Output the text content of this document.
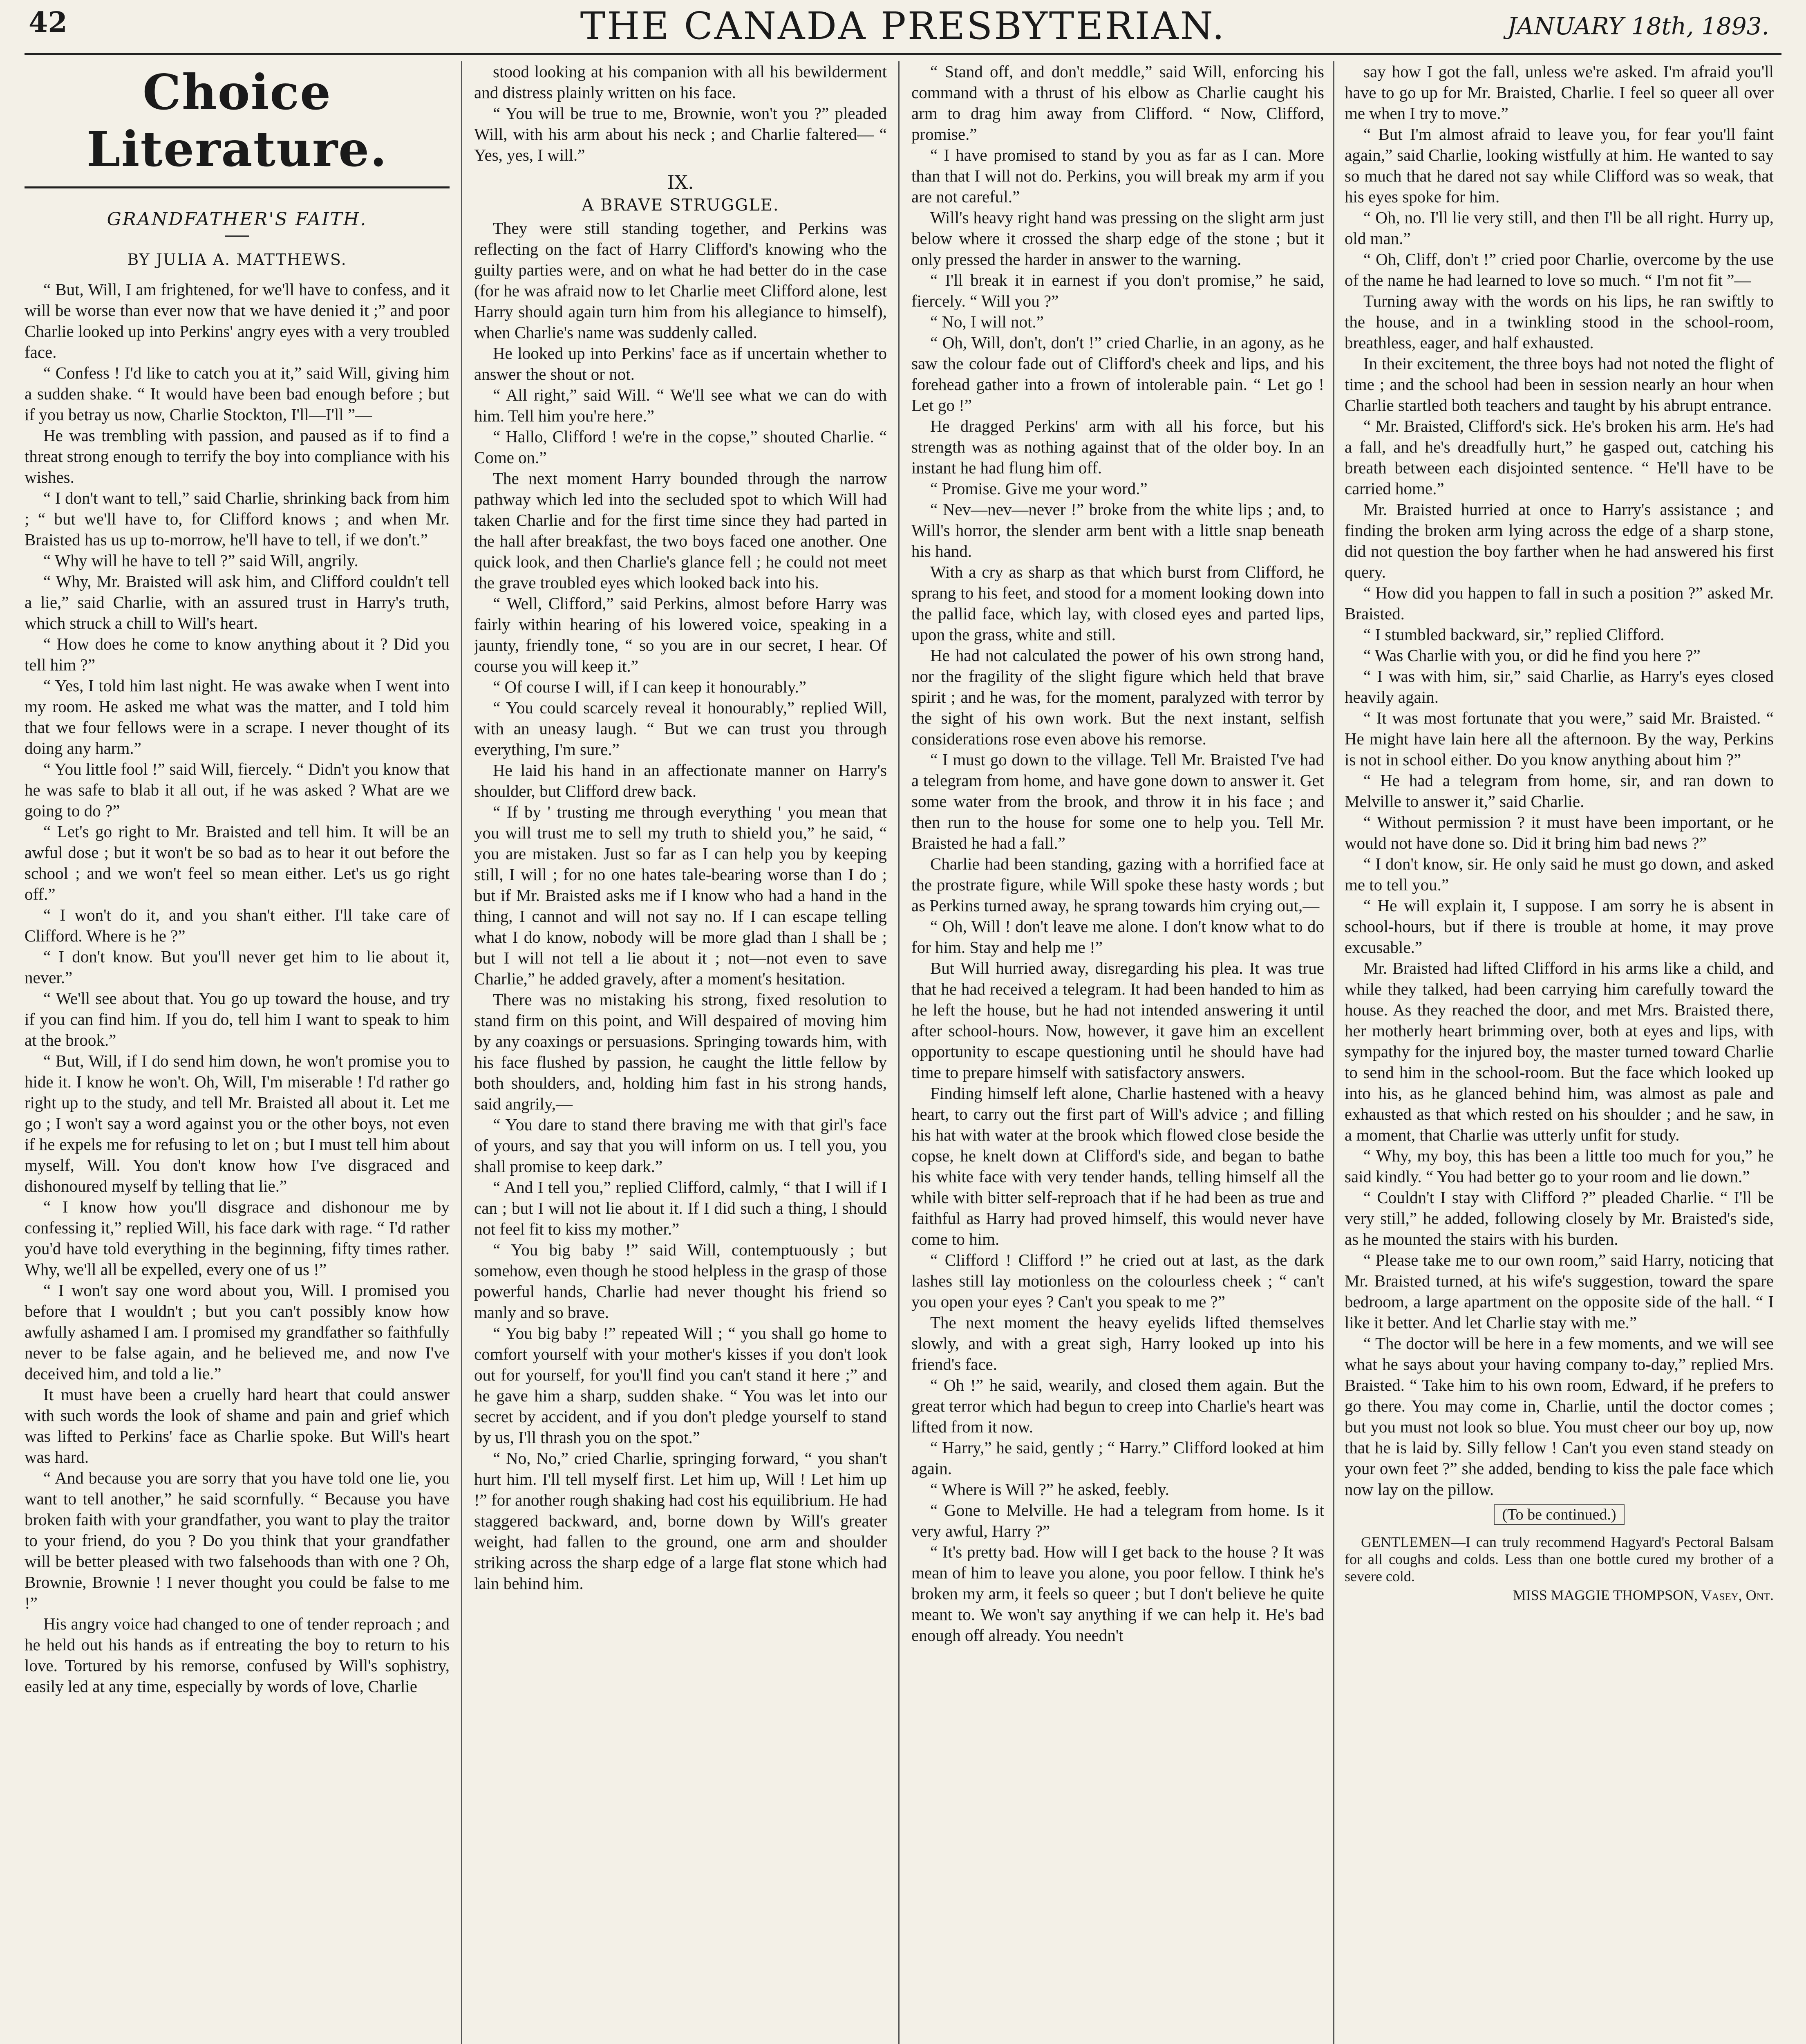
42	THE CANADA PRESBYTERIAN.	JANUARY 18th, 1893.
Choice Literature.
GRANDFATHER'S FAITH.
BY JULIA A. MATTHEWS.

“ But, Will, I am frightened, for we'll have to confess, and it will be worse than ever now that we have denied it ;” and poor Charlie looked up into Perkins' angry eyes with a very troubled face.

“ Confess ! I'd like to catch you at it,” said Will, giving him a sudden shake. “ It would have been bad enough before ; but if you betray us now, Charlie Stockton, I'll—I'll ”—

He was trembling with passion, and paused as if to find a threat strong enough to terrify the boy into compliance with his wishes.

“ I don't want to tell,” said Charlie, shrinking back from him ; “ but we'll have to, for Clifford knows ; and when Mr. Braisted has us up to-morrow, he'll have to tell, if we don't.”

“ Why will he have to tell ?” said Will, angrily.

“ Why, Mr. Braisted will ask him, and Clifford couldn't tell a lie,” said Charlie, with an assured trust in Harry's truth, which struck a chill to Will's heart.

“ How does he come to know anything about it ? Did you tell him ?”

“ Yes, I told him last night. He was awake when I went into my room. He asked me what was the matter, and I told him that we four fellows were in a scrape. I never thought of its doing any harm.”

“ You little fool !” said Will, fiercely. “ Didn't you know that he was safe to blab it all out, if he was asked ? What are we going to do ?”

“ Let's go right to Mr. Braisted and tell him. It will be an awful dose ; but it won't be so bad as to hear it out before the school ; and we won't feel so mean either. Let's us go right off.”

“ I won't do it, and you shan't either. I'll take care of Clifford. Where is he ?”

“ I don't know. But you'll never get him to lie about it, never.”

“ We'll see about that. You go up toward the house, and try if you can find him. If you do, tell him I want to speak to him at the brook.”

“ But, Will, if I do send him down, he won't promise you to hide it. I know he won't. Oh, Will, I'm miserable ! I'd rather go right up to the study, and tell Mr. Braisted all about it. Let me go ; I won't say a word against you or the other boys, not even if he expels me for refusing to let on ; but I must tell him about myself, Will. You don't know how I've disgraced and dishonoured myself by telling that lie.”

“ I know how you'll disgrace and dishonour me by confessing it,” replied Will, his face dark with rage. “ I'd rather you'd have told everything in the beginning, fifty times rather. Why, we'll all be expelled, every one of us !”

“ I won't say one word about you, Will. I promised you before that I wouldn't ; but you can't possibly know how awfully ashamed I am. I promised my grandfather so faithfully never to be false again, and he believed me, and now I've deceived him, and told a lie.”

It must have been a cruelly hard heart that could answer with such words the look of shame and pain and grief which was lifted to Perkins' face as Charlie spoke. But Will's heart was hard.

“ And because you are sorry that you have told one lie, you want to tell another,” he said scornfully. “ Because you have broken faith with your grandfather, you want to play the traitor to your friend, do you ? Do you think that your grandfather will be better pleased with two falsehoods than with one ? Oh, Brownie, Brownie ! I never thought you could be false to me !”

His angry voice had changed to one of tender reproach ; and he held out his hands as if entreating the boy to return to his love. Tortured by his remorse, confused by Will's sophistry, easily led at any time, especially by words of love, Charlie

stood looking at his companion with all his bewilderment and distress plainly written on his face.

“ You will be true to me, Brownie, won't you ?” pleaded Will, with his arm about his neck ; and Charlie faltered— “ Yes, yes, I will.”

IX.
A BRAVE STRUGGLE.

They were still standing together, and Perkins was reflecting on the fact of Harry Clifford's knowing who the guilty parties were, and on what he had better do in the case (for he was afraid now to let Charlie meet Clifford alone, lest Harry should again turn him from his allegiance to himself), when Charlie's name was suddenly called.

He looked up into Perkins' face as if uncertain whether to answer the shout or not.

“ All right,” said Will. “ We'll see what we can do with him. Tell him you're here.”

“ Hallo, Clifford ! we're in the copse,” shouted Charlie. “ Come on.”

The next moment Harry bounded through the narrow pathway which led into the secluded spot to which Will had taken Charlie and for the first time since they had parted in the hall after breakfast, the two boys faced one another. One quick look, and then Charlie's glance fell ; he could not meet the grave troubled eyes which looked back into his.

“ Well, Clifford,” said Perkins, almost before Harry was fairly within hearing of his lowered voice, speaking in a jaunty, friendly tone, “ so you are in our secret, I hear. Of course you will keep it.”

“ Of course I will, if I can keep it honourably.”

“ You could scarcely reveal it honourably,” replied Will, with an uneasy laugh. “ But we can trust you through everything, I'm sure.”

He laid his hand in an affectionate manner on Harry's shoulder, but Clifford drew back.

“ If by ' trusting me through everything ' you mean that you will trust me to sell my truth to shield you,” he said, “ you are mistaken. Just so far as I can help you by keeping still, I will ; for no one hates tale-bearing worse than I do ; but if Mr. Braisted asks me if I know who had a hand in the thing, I cannot and will not say no. If I can escape telling what I do know, nobody will be more glad than I shall be ; but I will not tell a lie about it ; not—not even to save Charlie,” he added gravely, after a moment's hesitation.

There was no mistaking his strong, fixed resolution to stand firm on this point, and Will despaired of moving him by any coaxings or persuasions. Springing towards him, with his face flushed by passion, he caught the little fellow by both shoulders, and, holding him fast in his strong hands, said angrily,—

“ You dare to stand there braving me with that girl's face of yours, and say that you will inform on us. I tell you, you shall promise to keep dark.”

“ And I tell you,” replied Clifford, calmly, “ that I will if I can ; but I will not lie about it. If I did such a thing, I should not feel fit to kiss my mother.”

“ You big baby !” said Will, contemptuously ; but somehow, even though he stood helpless in the grasp of those powerful hands, Charlie had never thought his friend so manly and so brave.

“ You big baby !” repeated Will ; “ you shall go home to comfort yourself with your mother's kisses if you don't look out for yourself, for you'll find you can't stand it here ;” and he gave him a sharp, sudden shake. “ You was let into our secret by accident, and if you don't pledge yourself to stand by us, I'll thrash you on the spot.”

“ No, No,” cried Charlie, springing forward, “ you shan't hurt him. I'll tell myself first. Let him up, Will ! Let him up !” for another rough shaking had cost his equilibrium. He had staggered backward, and, borne down by Will's greater weight, had fallen to the ground, one arm and shoulder striking across the sharp edge of a large flat stone which had lain behind him.

“ Stand off, and don't meddle,” said Will, enforcing his command with a thrust of his elbow as Charlie caught his arm to drag him away from Clifford. “ Now, Clifford, promise.”

“ I have promised to stand by you as far as I can. More than that I will not do. Perkins, you will break my arm if you are not careful.”

Will's heavy right hand was pressing on the slight arm just below where it crossed the sharp edge of the stone ; but it only pressed the harder in answer to the warning.

“ I'll break it in earnest if you don't promise,” he said, fiercely. “ Will you ?”

“ No, I will not.”

“ Oh, Will, don't, don't !” cried Charlie, in an agony, as he saw the colour fade out of Clifford's cheek and lips, and his forehead gather into a frown of intolerable pain. “ Let go ! Let go !”

He dragged Perkins' arm with all his force, but his strength was as nothing against that of the older boy. In an instant he had flung him off.

“ Promise. Give me your word.”

“ Nev—nev—never !” broke from the white lips ; and, to Will's horror, the slender arm bent with a little snap beneath his hand.

With a cry as sharp as that which burst from Clifford, he sprang to his feet, and stood for a moment looking down into the pallid face, which lay, with closed eyes and parted lips, upon the grass, white and still.

He had not calculated the power of his own strong hand, nor the fragility of the slight figure which held that brave spirit ; and he was, for the moment, paralyzed with terror by the sight of his own work. But the next instant, selfish considerations rose even above his remorse.

“ I must go down to the village. Tell Mr. Braisted I've had a telegram from home, and have gone down to answer it. Get some water from the brook, and throw it in his face ; and then run to the house for some one to help you. Tell Mr. Braisted he had a fall.”

Charlie had been standing, gazing with a horrified face at the prostrate figure, while Will spoke these hasty words ; but as Perkins turned away, he sprang towards him crying out,—

“ Oh, Will ! don't leave me alone. I don't know what to do for him. Stay and help me !”

But Will hurried away, disregarding his plea. It was true that he had received a telegram. It had been handed to him as he left the house, but he had not intended answering it until after school-hours. Now, however, it gave him an excellent opportunity to escape questioning until he should have had time to prepare himself with satisfactory answers.

Finding himself left alone, Charlie hastened with a heavy heart, to carry out the first part of Will's advice ; and filling his hat with water at the brook which flowed close beside the copse, he knelt down at Clifford's side, and began to bathe his white face with very tender hands, telling himself all the while with bitter self-reproach that if he had been as true and faithful as Harry had proved himself, this would never have come to him.

“ Clifford ! Clifford !” he cried out at last, as the dark lashes still lay motionless on the colourless cheek ; “ can't you open your eyes ? Can't you speak to me ?”

The next moment the heavy eyelids lifted themselves slowly, and with a great sigh, Harry looked up into his friend's face.

“ Oh !” he said, wearily, and closed them again. But the great terror which had begun to creep into Charlie's heart was lifted from it now.

“ Harry,” he said, gently ; “ Harry.” Clifford looked at him again.

“ Where is Will ?” he asked, feebly.

“ Gone to Melville. He had a telegram from home. Is it very awful, Harry ?”

“ It's pretty bad. How will I get back to the house ? It was mean of him to leave you alone, you poor fellow. I think he's broken my arm, it feels so queer ; but I don't believe he quite meant to. We won't say anything if we can help it. He's bad enough off already. You needn't

say how I got the fall, unless we're asked. I'm afraid you'll have to go up for Mr. Braisted, Charlie. I feel so queer all over me when I try to move.”

“ But I'm almost afraid to leave you, for fear you'll faint again,” said Charlie, looking wistfully at him. He wanted to say so much that he dared not say while Clifford was so weak, that his eyes spoke for him.

“ Oh, no. I'll lie very still, and then I'll be all right. Hurry up, old man.”

“ Oh, Cliff, don't !” cried poor Charlie, overcome by the use of the name he had learned to love so much. “ I'm not fit ”—

Turning away with the words on his lips, he ran swiftly to the house, and in a twinkling stood in the school-room, breathless, eager, and half exhausted.

In their excitement, the three boys had not noted the flight of time ; and the school had been in session nearly an hour when Charlie startled both teachers and taught by his abrupt entrance.

“ Mr. Braisted, Clifford's sick. He's broken his arm. He's had a fall, and he's dreadfully hurt,” he gasped out, catching his breath between each disjointed sentence. “ He'll have to be carried home.”

Mr. Braisted hurried at once to Harry's assistance ; and finding the broken arm lying across the edge of a sharp stone, did not question the boy farther when he had answered his first query.

“ How did you happen to fall in such a position ?” asked Mr. Braisted.

“ I stumbled backward, sir,” replied Clifford.

“ Was Charlie with you, or did he find you here ?”

“ I was with him, sir,” said Charlie, as Harry's eyes closed heavily again.

“ It was most fortunate that you were,” said Mr. Braisted. “ He might have lain here all the afternoon. By the way, Perkins is not in school either. Do you know anything about him ?”

“ He had a telegram from home, sir, and ran down to Melville to answer it,” said Charlie.

“ Without permission ? it must have been important, or he would not have done so. Did it bring him bad news ?”

“ I don't know, sir. He only said he must go down, and asked me to tell you.”

“ He will explain it, I suppose. I am sorry he is absent in school-hours, but if there is trouble at home, it may prove excusable.”

Mr. Braisted had lifted Clifford in his arms like a child, and while they talked, had been carrying him carefully toward the house. As they reached the door, and met Mrs. Braisted there, her motherly heart brimming over, both at eyes and lips, with sympathy for the injured boy, the master turned toward Charlie to send him in the school-room. But the face which looked up into his, as he glanced behind him, was almost as pale and exhausted as that which rested on his shoulder ; and he saw, in a moment, that Charlie was utterly unfit for study.

“ Why, my boy, this has been a little too much for you,” he said kindly. “ You had better go to your room and lie down.”

“ Couldn't I stay with Clifford ?” pleaded Charlie. “ I'll be very still,” he added, following closely by Mr. Braisted's side, as he mounted the stairs with his burden.

“ Please take me to our own room,” said Harry, noticing that Mr. Braisted turned, at his wife's suggestion, toward the spare bedroom, a large apartment on the opposite side of the hall. “ I like it better. And let Charlie stay with me.”

“ The doctor will be here in a few moments, and we will see what he says about your having company to-day,” replied Mrs. Braisted. “ Take him to his own room, Edward, if he prefers to go there. You may come in, Charlie, until the doctor comes ; but you must not look so blue. You must cheer our boy up, now that he is laid by. Silly fellow ! Can't you even stand steady on your own feet ?” she added, bending to kiss the pale face which now lay on the pillow.

(To be continued.)
GENTLEMEN—I can truly recommend Hagyard's Pectoral Balsam for all coughs and colds. Less than one bottle cured my brother of a severe cold.
MISS MAGGIE THOMPSON, Vasey, Ont.
